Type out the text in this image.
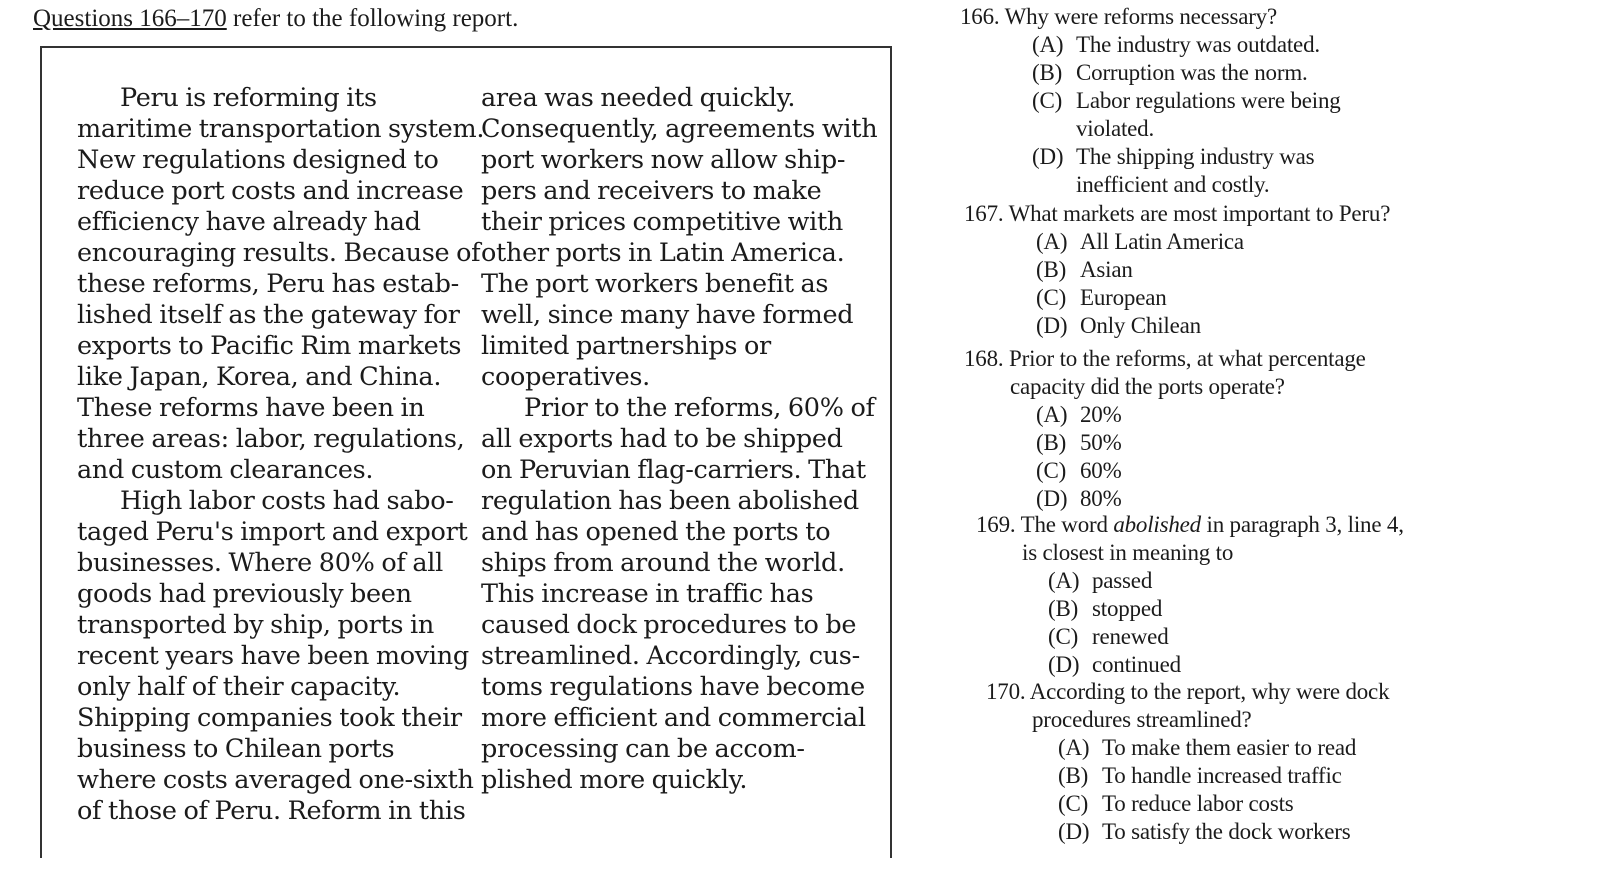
Questions 166–170 refer to the following report.
Peru is reforming its
maritime transportation system.
New regulations designed to
reduce port costs and increase
efficiency have already had
encouraging results. Because of
these reforms, Peru has estab-
lished itself as the gateway for
exports to Pacific Rim markets
like Japan, Korea, and China.
These reforms have been in
three areas: labor, regulations,
and custom clearances.
High labor costs had sabo-
taged Peru's import and export
businesses. Where 80% of all
goods had previously been
transported by ship, ports in
recent years have been moving
only half of their capacity.
Shipping companies took their
business to Chilean ports
where costs averaged one-sixth
of those of Peru. Reform in this
area was needed quickly.
Consequently, agreements with
port workers now allow ship-
pers and receivers to make
their prices competitive with
other ports in Latin America.
The port workers benefit as
well, since many have formed
limited partnerships or
cooperatives.
Prior to the reforms, 60% of
all exports had to be shipped
on Peruvian flag-carriers. That
regulation has been abolished
and has opened the ports to
ships from around the world.
This increase in traffic has
caused dock procedures to be
streamlined. Accordingly, cus-
toms regulations have become
more efficient and commercial
processing can be accom-
plished more quickly.
166. Why were reforms necessary?
(A) The industry was outdated.
(B) Corruption was the norm.
(C) Labor regulations were being
violated.
(D) The shipping industry was
inefficient and costly.
167. What markets are most important to Peru?
(A) All Latin America
(B) Asian
(C) European
(D) Only Chilean
168. Prior to the reforms, at what percentage
capacity did the ports operate?
(A) 20%
(B) 50%
(C) 60%
(D) 80%
169. The word abolished in paragraph 3, line 4,
is closest in meaning to
(A) passed
(B) stopped
(C) renewed
(D) continued
170. According to the report, why were dock
procedures streamlined?
(A) To make them easier to read
(B) To handle increased traffic
(C) To reduce labor costs
(D) To satisfy the dock workers
